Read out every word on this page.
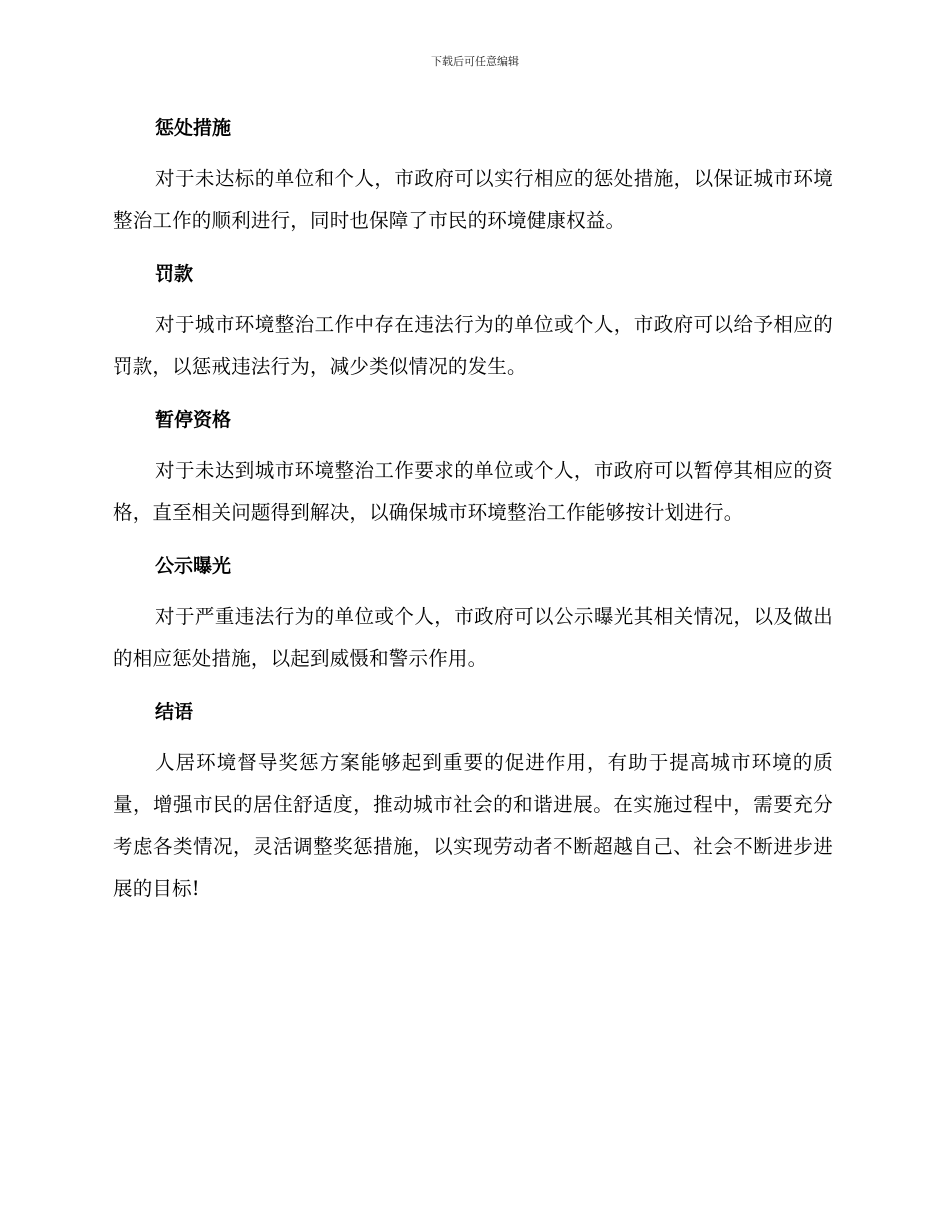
下载后可任意编辑
惩处措施

对于未达标的单位和个人，市政府可以实行相应的惩处措施，以保证城市环境整治工作的顺利进行，同时也保障了市民的环境健康权益。

罚款

对于城市环境整治工作中存在违法行为的单位或个人，市政府可以给予相应的罚款，以惩戒违法行为，减少类似情况的发生。

暂停资格

对于未达到城市环境整治工作要求的单位或个人，市政府可以暂停其相应的资格，直至相关问题得到解决，以确保城市环境整治工作能够按计划进行。

公示曝光

对于严重违法行为的单位或个人，市政府可以公示曝光其相关情况，以及做出的相应惩处措施，以起到威慑和警示作用。

结语

人居环境督导奖惩方案能够起到重要的促进作用，有助于提高城市环境的质量，增强市民的居住舒适度，推动城市社会的和谐进展。在实施过程中，需要充分考虑各类情况，灵活调整奖惩措施，以实现劳动者不断超越自己、社会不断进步进展的目标!
